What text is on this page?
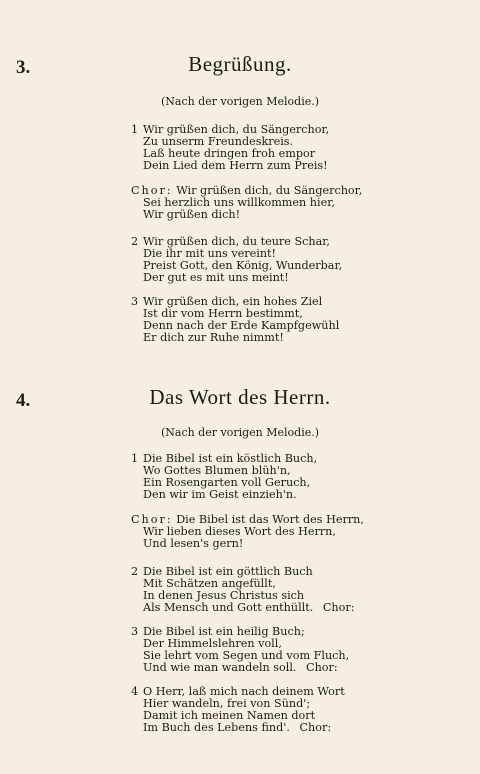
3.	Begrüßung.
(Nach der vorigen Melodie.)
1 Wir grüßen dich, du Sängerchor,
Zu unserm Freundeskreis.
Laß heute dringen froh empor
Dein Lied dem Herrn zum Preis!
Chor: Wir grüßen dich, du Sängerchor,
Sei herzlich uns willkommen hier,
Wir grüßen dich!
2 Wir grüßen dich, du teure Schar,
Die ihr mit uns vereint!
Preist Gott, den König, Wunderbar,
Der gut es mit uns meint!
3 Wir grüßen dich, ein hohes Ziel
Ist dir vom Herrn bestimmt,
Denn nach der Erde Kampfgewühl
Er dich zur Ruhe nimmt!
4.	Das Wort des Herrn.
(Nach der vorigen Melodie.)
1 Die Bibel ist ein köstlich Buch,
Wo Gottes Blumen blüh'n,
Ein Rosengarten voll Geruch,
Den wir im Geist einzieh'n.
Chor: Die Bibel ist das Wort des Herrn,
Wir lieben dieses Wort des Herrn,
Und lesen's gern!
2 Die Bibel ist ein göttlich Buch
Mit Schätzen angefüllt,
In denen Jesus Christus sich
Als Mensch und Gott enthüllt. Chor:
3 Die Bibel ist ein heilig Buch;
Der Himmelslehren voll,
Sie lehrt vom Segen und vom Fluch,
Und wie man wandeln soll. Chor:
4 O Herr, laß mich nach deinem Wort
Hier wandeln, frei von Sünd';
Damit ich meinen Namen dort
Im Buch des Lebens find'. Chor:
